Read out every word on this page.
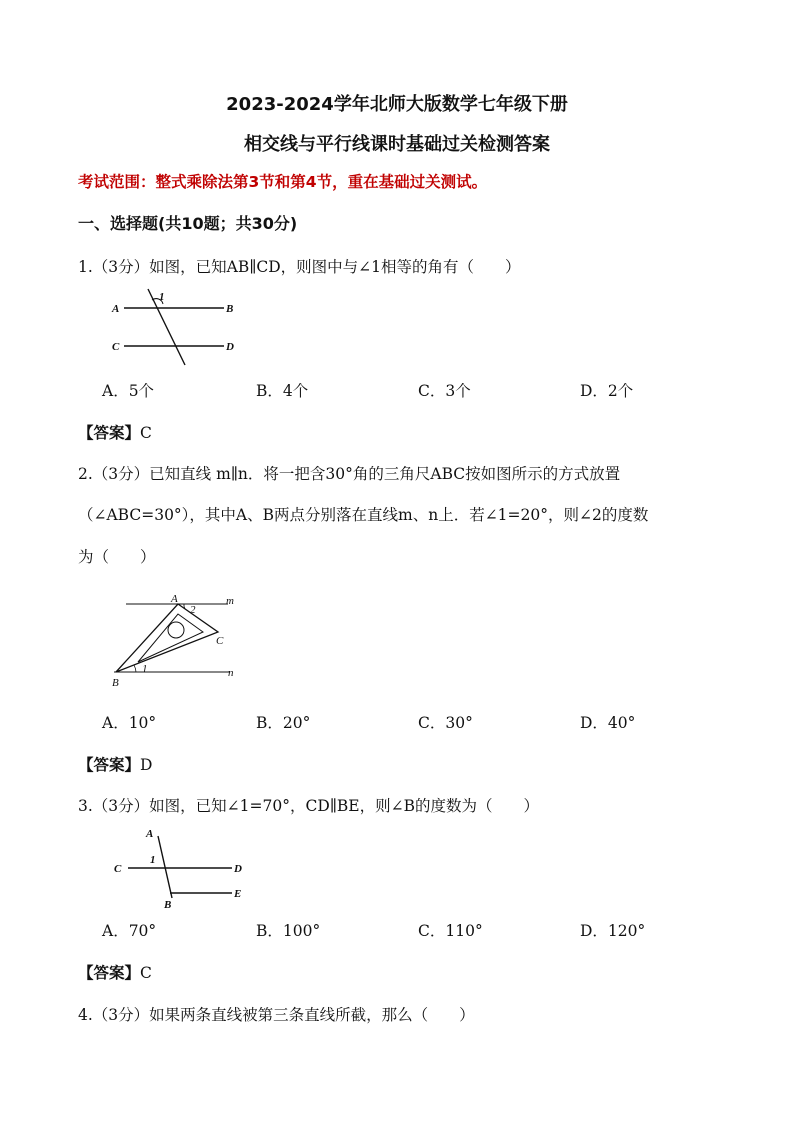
2023-2024学年北师大版数学七年级下册
相交线与平行线课时基础过关检测答案
考试范围：整式乘除法第3节和第4节，重在基础过关测试。
一、选择题(共10题；共30分)
1.（3分）如图，已知AB∥CD，则图中与∠1相等的角有（　　）
A	B
C	D
1
A．5个	B．4个	C．3个	D．2个
【答案】C
2.（3分）已知直线 m∥n．将一把含30°角的三角尺ABC按如图所示的方式放置
（∠ABC=30°），其中A、B两点分别落在直线m、n上．若∠1=20°，则∠2的度数
为（　　）
A
2
m
C
B
1	n
A．10°	B．20°	C．30°	D．40°
【答案】D
3.（3分）如图，已知∠1=70°，CD∥BE，则∠B的度数为（　　）
A
C
1
D
B
E
A．70°	B．100°	C．110°	D．120°
【答案】C
4.（3分）如果两条直线被第三条直线所截，那么（　　）
